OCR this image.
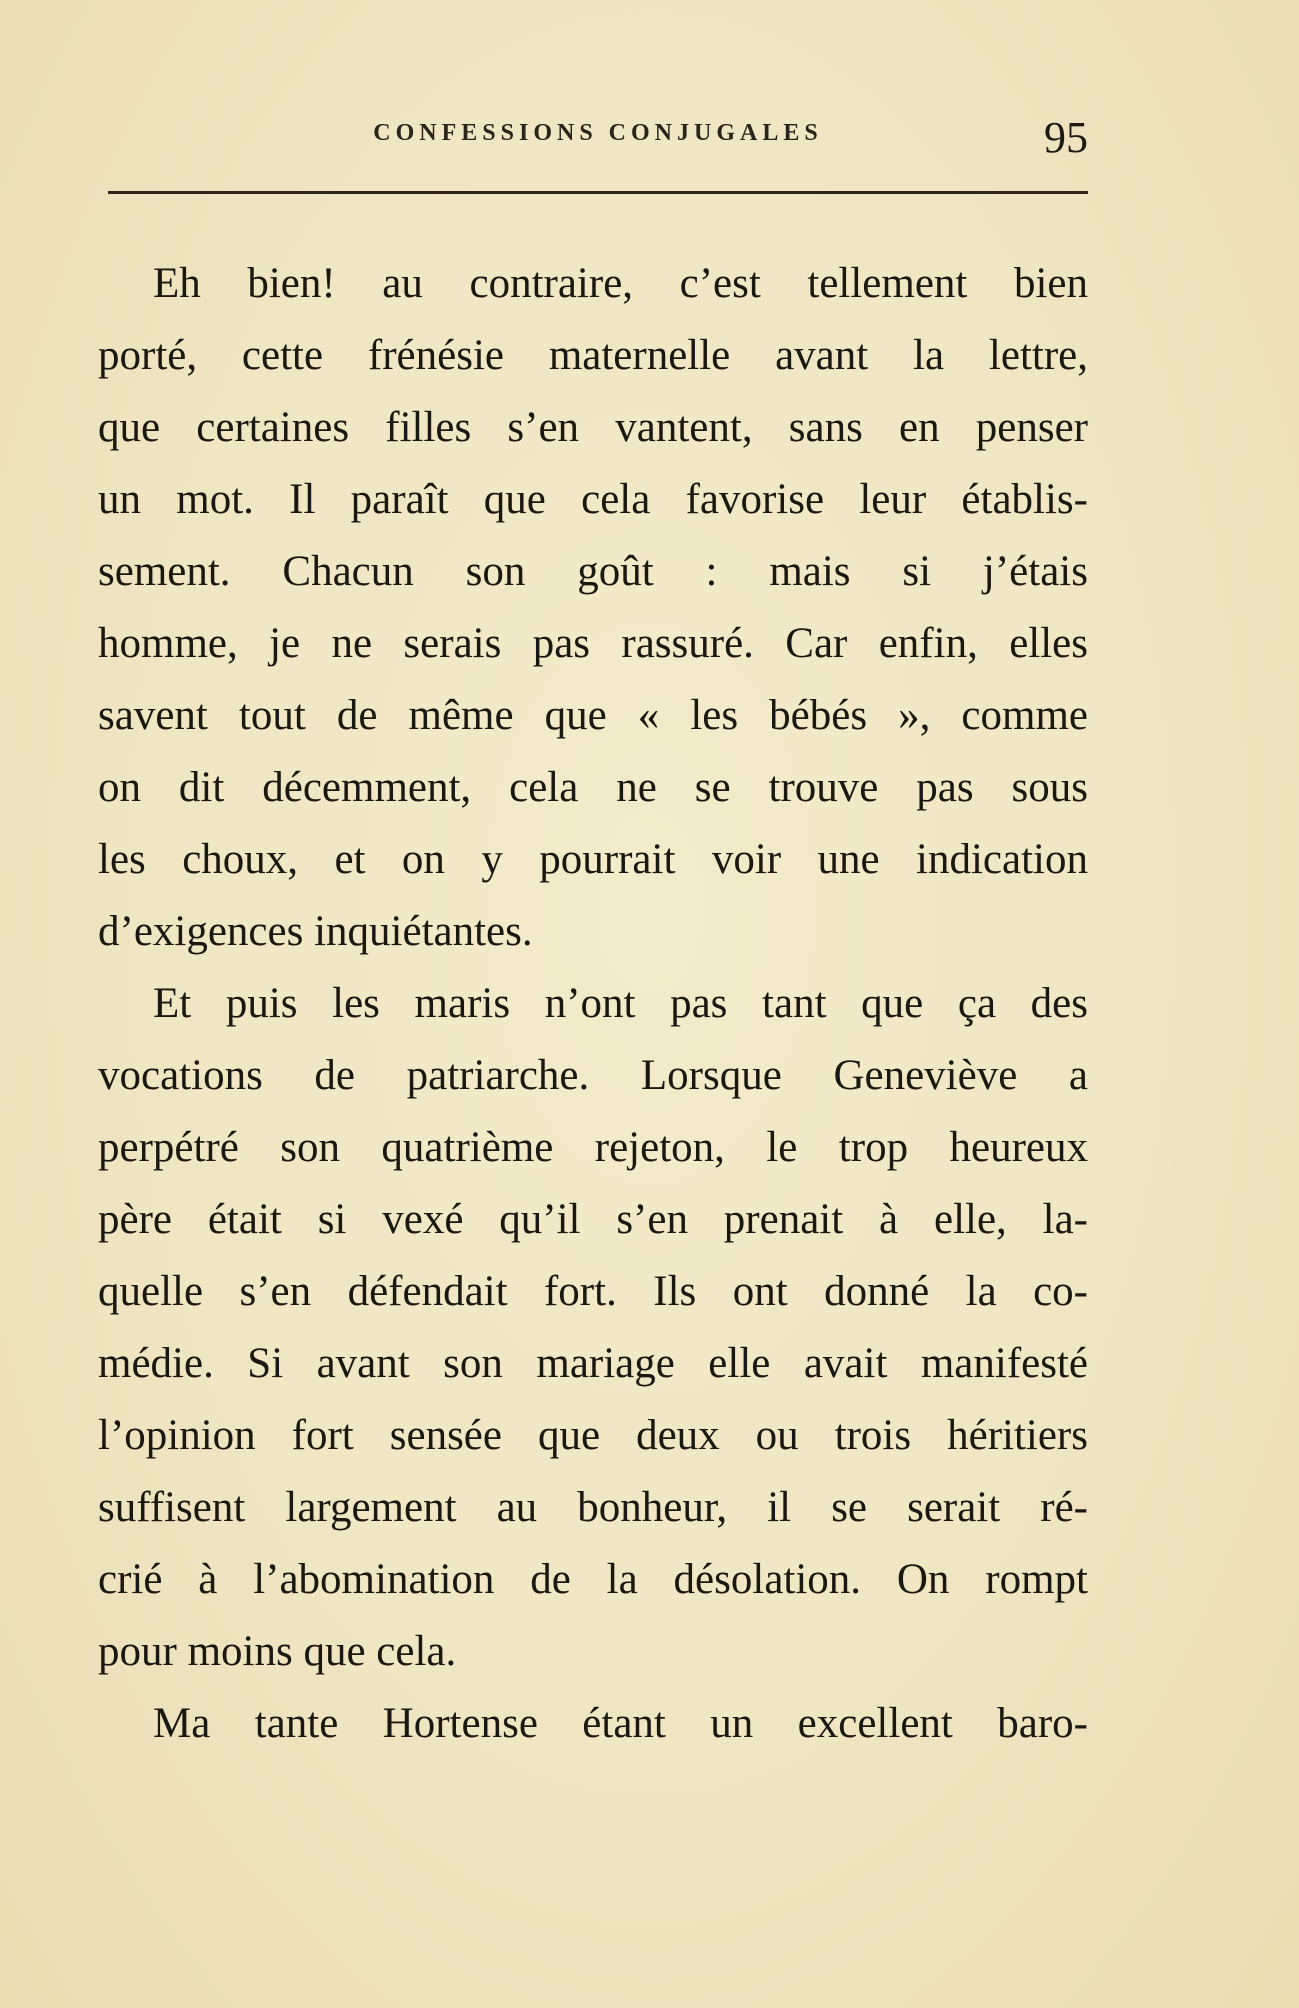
CONFESSIONS CONJUGALES	95
Eh bien! au contraire, c’est tellement bien
porté, cette frénésie maternelle avant la lettre,
que certaines filles s’en vantent, sans en penser
un mot. Il paraît que cela favorise leur établis-
sement. Chacun son goût : mais si j’étais
homme, je ne serais pas rassuré. Car enfin, elles
savent tout de même que « les bébés », comme
on dit décemment, cela ne se trouve pas sous
les choux, et on y pourrait voir une indication
d’exigences inquiétantes.
Et puis les maris n’ont pas tant que ça des
vocations de patriarche. Lorsque Geneviève a
perpétré son quatrième rejeton, le trop heureux
père était si vexé qu’il s’en prenait à elle, la-
quelle s’en défendait fort. Ils ont donné la co-
médie. Si avant son mariage elle avait manifesté
l’opinion fort sensée que deux ou trois héritiers
suffisent largement au bonheur, il se serait ré-
crié à l’abomination de la désolation. On rompt
pour moins que cela.
Ma tante Hortense étant un excellent baro-
